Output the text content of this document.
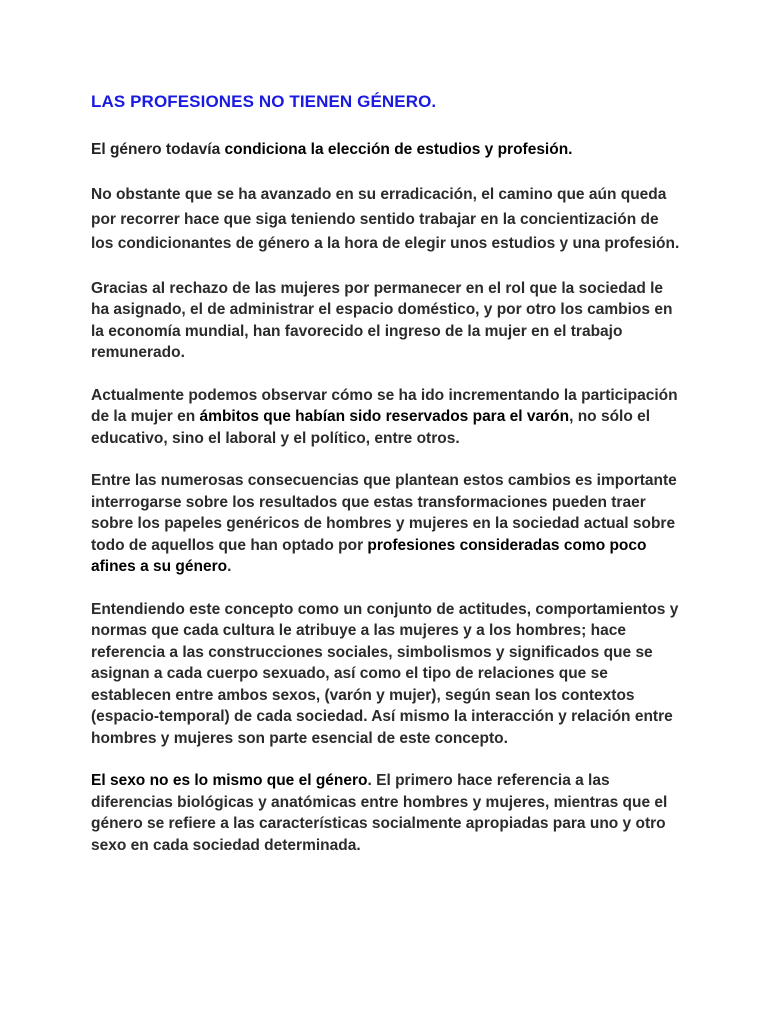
LAS PROFESIONES NO TIENEN GÉNERO.

El género todavía condiciona la elección de estudios y profesión.

No obstante que se ha avanzado en su erradicación, el camino que aún queda por recorrer hace que siga teniendo sentido trabajar en la concientización de los condicionantes de género a la hora de elegir unos estudios y una profesión.

Gracias al rechazo de las mujeres por permanecer en el rol que la sociedad le ha asignado, el de administrar el espacio doméstico, y por otro los cambios en la economía mundial, han favorecido el ingreso de la mujer en el trabajo remunerado.

Actualmente podemos observar cómo se ha ido incrementando la participación de la mujer en ámbitos que habían sido reservados para el varón, no sólo el educativo, sino el laboral y el político, entre otros.

Entre las numerosas consecuencias que plantean estos cambios es importante interrogarse sobre los resultados que estas transformaciones pueden traer sobre los papeles genéricos de hombres y mujeres en la sociedad actual sobre todo de aquellos que han optado por profesiones consideradas como poco afines a su género.

Entendiendo este concepto como un conjunto de actitudes, comportamientos y normas que cada cultura le atribuye a las mujeres y a los hombres; hace referencia a las construcciones sociales, simbolismos y significados que se asignan a cada cuerpo sexuado, así como el tipo de relaciones que se establecen entre ambos sexos, (varón y mujer), según sean los contextos (espacio-temporal) de cada sociedad. Así mismo la interacción y relación entre hombres y mujeres son parte esencial de este concepto.

El sexo no es lo mismo que el género. El primero hace referencia a las diferencias biológicas y anatómicas entre hombres y mujeres, mientras que el género se refiere a las características socialmente apropiadas para uno y otro sexo en cada sociedad determinada.
